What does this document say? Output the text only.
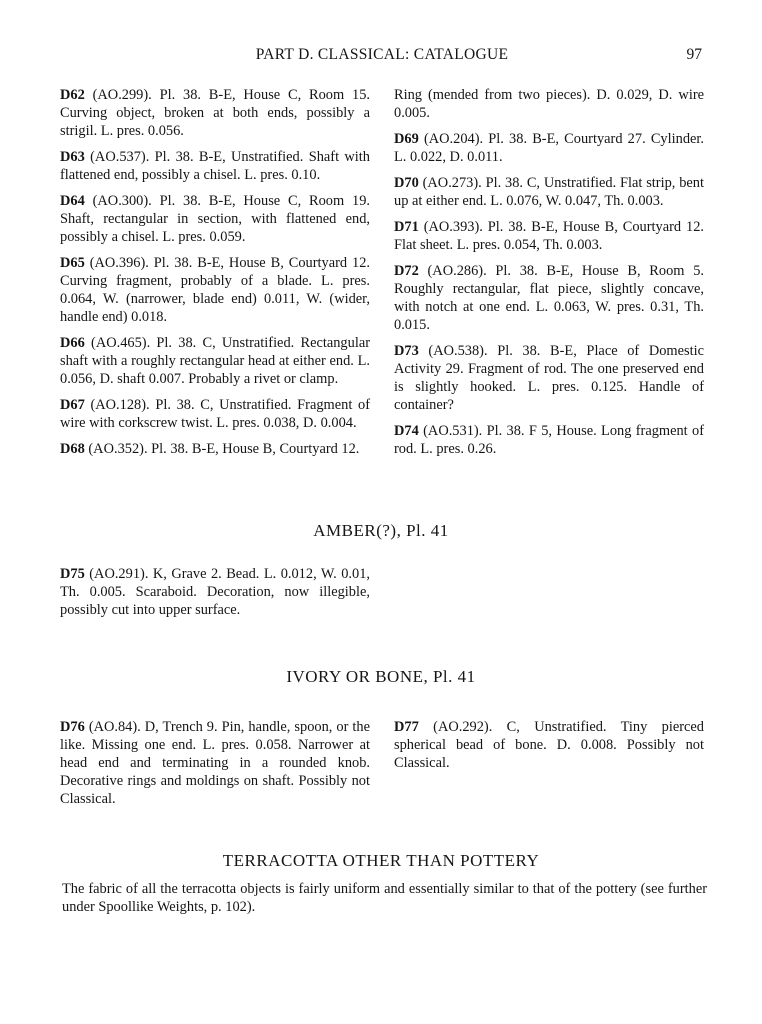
PART D. CLASSICAL: CATALOGUE	97

D62 (AO.299). Pl. 38. B-E, House C, Room 15. Curving object, broken at both ends, possibly a strigil. L. pres. 0.056.

D63 (AO.537). Pl. 38. B-E, Unstratified. Shaft with flattened end, possibly a chisel. L. pres. 0.10.

D64 (AO.300). Pl. 38. B-E, House C, Room 19. Shaft, rectangular in section, with flattened end, possibly a chisel. L. pres. 0.059.

D65 (AO.396). Pl. 38. B-E, House B, Courtyard 12. Curving fragment, probably of a blade. L. pres. 0.064, W. (narrower, blade end) 0.011, W. (wider, handle end) 0.018.

D66 (AO.465). Pl. 38. C, Unstratified. Rectangular shaft with a roughly rectangular head at either end. L. 0.056, D. shaft 0.007. Probably a rivet or clamp.

D67 (AO.128). Pl. 38. C, Unstratified. Fragment of wire with corkscrew twist. L. pres. 0.038, D. 0.004.

D68 (AO.352). Pl. 38. B-E, House B, Courtyard 12.

Ring (mended from two pieces). D. 0.029, D. wire 0.005.

D69 (AO.204). Pl. 38. B-E, Courtyard 27. Cylinder. L. 0.022, D. 0.011.

D70 (AO.273). Pl. 38. C, Unstratified. Flat strip, bent up at either end. L. 0.076, W. 0.047, Th. 0.003.

D71 (AO.393). Pl. 38. B-E, House B, Courtyard 12. Flat sheet. L. pres. 0.054, Th. 0.003.

D72 (AO.286). Pl. 38. B-E, House B, Room 5. Roughly rectangular, flat piece, slightly concave, with notch at one end. L. 0.063, W. pres. 0.31, Th. 0.015.

D73 (AO.538). Pl. 38. B-E, Place of Domestic Activity 29. Fragment of rod. The one preserved end is slightly hooked. L. pres. 0.125. Handle of container?

D74 (AO.531). Pl. 38. F 5, House. Long fragment of rod. L. pres. 0.26.

AMBER(?), Pl. 41

D75 (AO.291). K, Grave 2. Bead. L. 0.012, W. 0.01, Th. 0.005. Scaraboid. Decoration, now illegible, possibly cut into upper surface.

IVORY OR BONE, Pl. 41

D76 (AO.84). D, Trench 9. Pin, handle, spoon, or the like. Missing one end. L. pres. 0.058. Narrower at head end and terminating in a rounded knob. Decorative rings and moldings on shaft. Possibly not Classical.

D77 (AO.292). C, Unstratified. Tiny pierced spherical bead of bone. D. 0.008. Possibly not Classical.

TERRACOTTA OTHER THAN POTTERY

The fabric of all the terracotta objects is fairly uniform and essentially similar to that of the pottery (see further under Spoollike Weights, p. 102).
